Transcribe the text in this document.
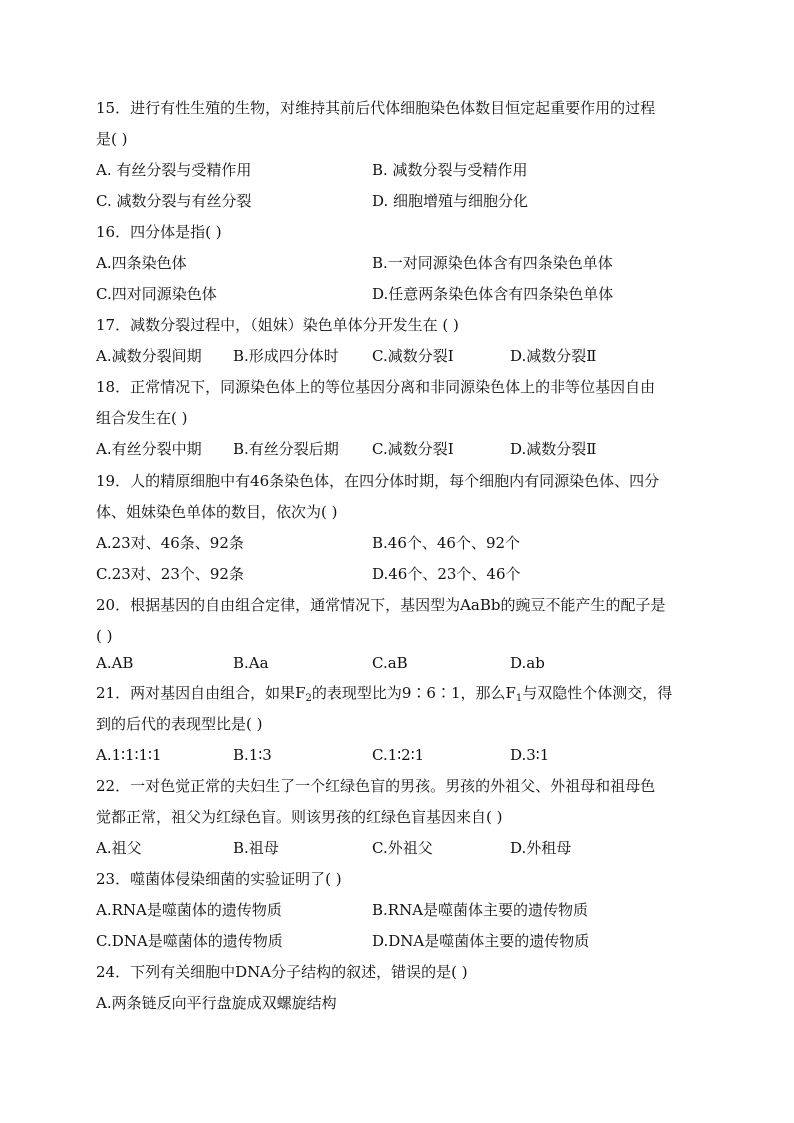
15．进行有性生殖的生物，对维持其前后代体细胞染色体数目恒定起重要作用的过程
是( )
A. 有丝分裂与受精作用	B. 减数分裂与受精作用
C. 减数分裂与有丝分裂	D. 细胞增殖与细胞分化
16．四分体是指( )
A.四条染色体	B.一对同源染色体含有四条染色单体
C.四对同源染色体	D.任意两条染色体含有四条染色单体
17．减数分裂过程中，（姐妹）染色单体分开发生在 ( )
A.减数分裂间期 B.形成四分体时 C.减数分裂Ⅰ	D.减数分裂Ⅱ
18．正常情况下，同源染色体上的等位基因分离和非同源染色体上的非等位基因自由
组合发生在( )
A.有丝分裂中期 B.有丝分裂后期 C.减数分裂Ⅰ	D.减数分裂Ⅱ
19．人的精原细胞中有46条染色体，在四分体时期，每个细胞内有同源染色体、四分
体、姐妹染色单体的数目，依次为( )
A.23对、46条、92条	B.46个、46个、92个
C.23对、23个、92条	D.46个、23个、46个
20．根据基因的自由组合定律，通常情况下，基因型为AaBb的豌豆不能产生的配子是
( )
A.AB	B.Aa	C.aB	D.ab
21．两对基因自由组合，如果$F_2$的表现型比为9∶6∶1，那么$F_1$与双隐性个体测交，得
到的后代的表现型比是( )
A.1∶1∶1∶1	B.1∶3	C.1∶2∶1	D.3∶1
22．一对色觉正常的夫妇生了一个红绿色盲的男孩。男孩的外祖父、外祖母和祖母色
觉都正常，祖父为红绿色盲。则该男孩的红绿色盲基因来自( )
A.祖父	B.祖母	C.外祖父	D.外租母
23．噬菌体侵染细菌的实验证明了( )
A.RNA是噬菌体的遗传物质	B.RNA是噬菌体主要的遗传物质
C.DNA是噬菌体的遗传物质	D.DNA是噬菌体主要的遗传物质
24．下列有关细胞中DNA分子结构的叙述，错误的是( )
A.两条链反向平行盘旋成双螺旋结构
